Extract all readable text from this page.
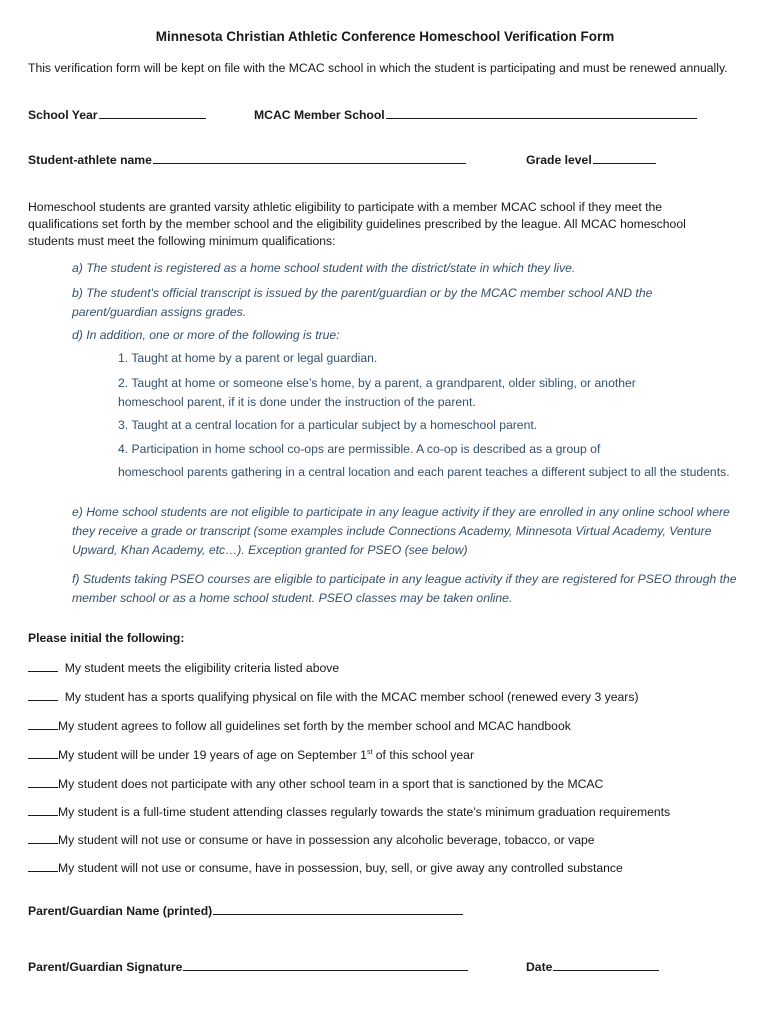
Minnesota Christian Athletic Conference Homeschool Verification Form
This verification form will be kept on file with the MCAC school in which the student is participating and must be renewed annually.
School Year	MCAC Member School
Student-athlete name	Grade level
Homeschool students are granted varsity athletic eligibility to participate with a member MCAC school if they meet the qualifications set forth by the member school and the eligibility guidelines prescribed by the league. All MCAC homeschool students must meet the following minimum qualifications:
a) The student is registered as a home school student with the district/state in which they live.
b) The student's official transcript is issued by the parent/guardian or by the MCAC member school AND the parent/guardian assigns grades.
d) In addition, one or more of the following is true:
1. Taught at home by a parent or legal guardian.
2. Taught at home or someone else’s home, by a parent, a grandparent, older sibling, or another homeschool parent, if it is done under the instruction of the parent.
3. Taught at a central location for a particular subject by a homeschool parent.
4. Participation in home school co-ops are permissible. A co-op is described as a group of
homeschool parents gathering in a central location and each parent teaches a different subject to all the students.
e) Home school students are not eligible to participate in any league activity if they are enrolled in any online school where they receive a grade or transcript (some examples include Connections Academy, Minnesota Virtual Academy, Venture Upward, Khan Academy, etc…). Exception granted for PSEO (see below)
f) Students taking PSEO courses are eligible to participate in any league activity if they are registered for PSEO through the member school or as a home school student. PSEO classes may be taken online.
Please initial the following:
My student meets the eligibility criteria listed above
My student has a sports qualifying physical on file with the MCAC member school (renewed every 3 years)
My student agrees to follow all guidelines set forth by the member school and MCAC handbook
My student will be under 19 years of age on September 1st of this school year
My student does not participate with any other school team in a sport that is sanctioned by the MCAC
My student is a full-time student attending classes regularly towards the state’s minimum graduation requirements
My student will not use or consume or have in possession any alcoholic beverage, tobacco, or vape
My student will not use or consume, have in possession, buy, sell, or give away any controlled substance
Parent/Guardian Name (printed)
Parent/Guardian Signature	Date
